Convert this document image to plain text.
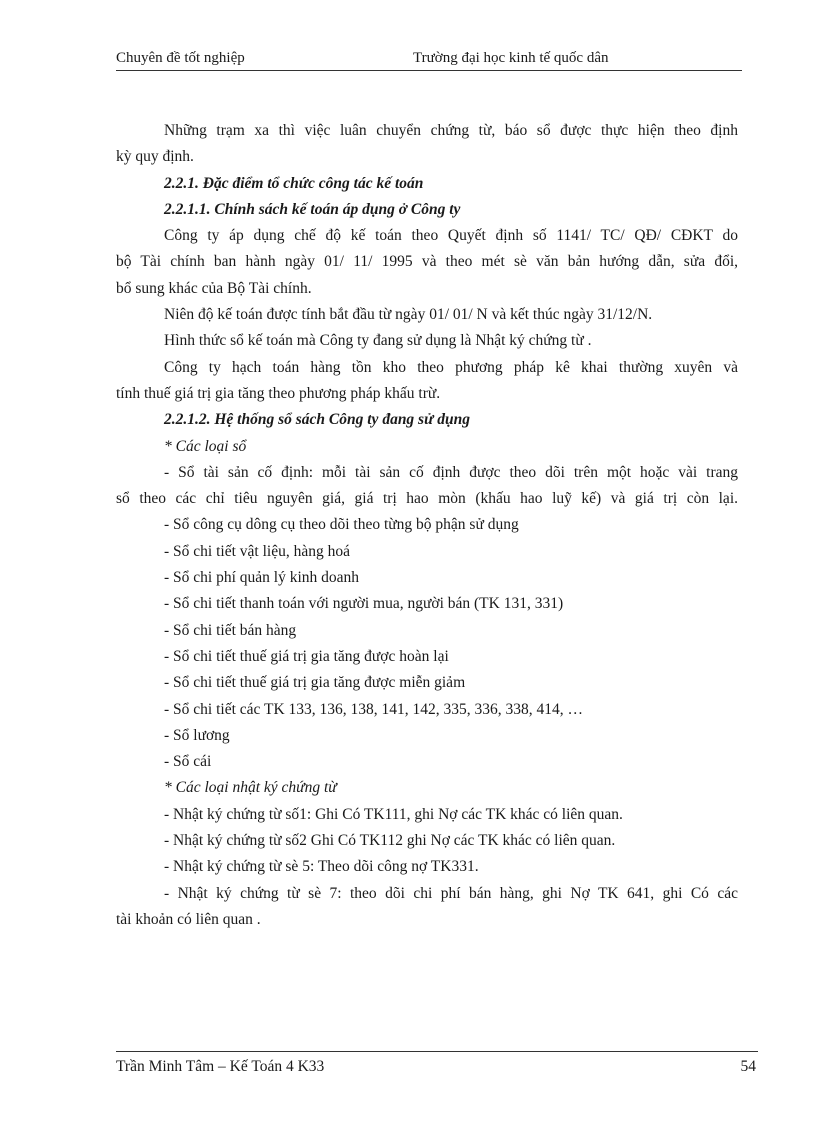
Chuyên đề tốt nghiệp	Trường đại học kinh tế quốc dân
Những trạm xa thì việc luân chuyển chứng từ, báo sổ được thực hiện theo định
kỳ quy định.
2.2.1. Đặc điểm tổ chức công tác kế toán
2.2.1.1. Chính sách kế toán áp dụng ở Công ty
Công ty áp dụng chế độ kế toán theo Quyết định số 1141/ TC/ QĐ/ CĐKT do
bộ Tài chính ban hành ngày 01/ 11/ 1995 và theo mét sè văn bản hướng dẫn, sửa đổi,
bổ sung khác của Bộ Tài chính.
Niên độ kế toán được tính bắt đầu từ ngày 01/ 01/ N và kết thúc ngày 31/12/N.
Hình thức sổ kế toán mà Công ty đang sử dụng là Nhật ký chứng từ .
Công ty hạch toán hàng tồn kho theo phương pháp kê khai thường xuyên và
tính thuế giá trị gia tăng theo phương pháp khấu trừ.
2.2.1.2. Hệ thống sổ sách Công ty đang sử dụng
* Các loại sổ
- Sổ tài sản cố định: mỗi tài sản cố định được theo dõi trên một hoặc vài trang
sổ theo các chỉ tiêu nguyên giá, giá trị hao mòn (khấu hao luỹ kế) và giá trị còn lại.
- Sổ công cụ dông cụ theo dõi theo từng bộ phận sử dụng
- Sổ chi tiết vật liệu, hàng hoá
- Sổ chi phí quản lý kinh doanh
- Sổ chi tiết thanh toán với người mua, người bán (TK 131, 331)
- Sổ chi tiết bán hàng
- Sổ chi tiết thuế giá trị gia tăng được hoàn lại
- Sổ chi tiết thuế giá trị gia tăng được miễn giảm
- Sổ chi tiết các TK 133, 136, 138, 141, 142, 335, 336, 338, 414, …
- Sổ lương
- Sổ cái
* Các loại nhật ký chứng từ
- Nhật ký chứng từ số1: Ghi Có TK111, ghi Nợ các TK khác có liên quan.
- Nhật ký chứng từ số2 Ghi Có TK112 ghi Nợ các TK khác có liên quan.
- Nhật ký chứng từ sè 5: Theo dõi công nợ TK331.
- Nhật ký chứng từ sè 7: theo dõi chi phí bán hàng, ghi Nợ TK 641, ghi Có các
tài khoản có liên quan .
Trần Minh Tâm – Kế Toán 4 K33	54
